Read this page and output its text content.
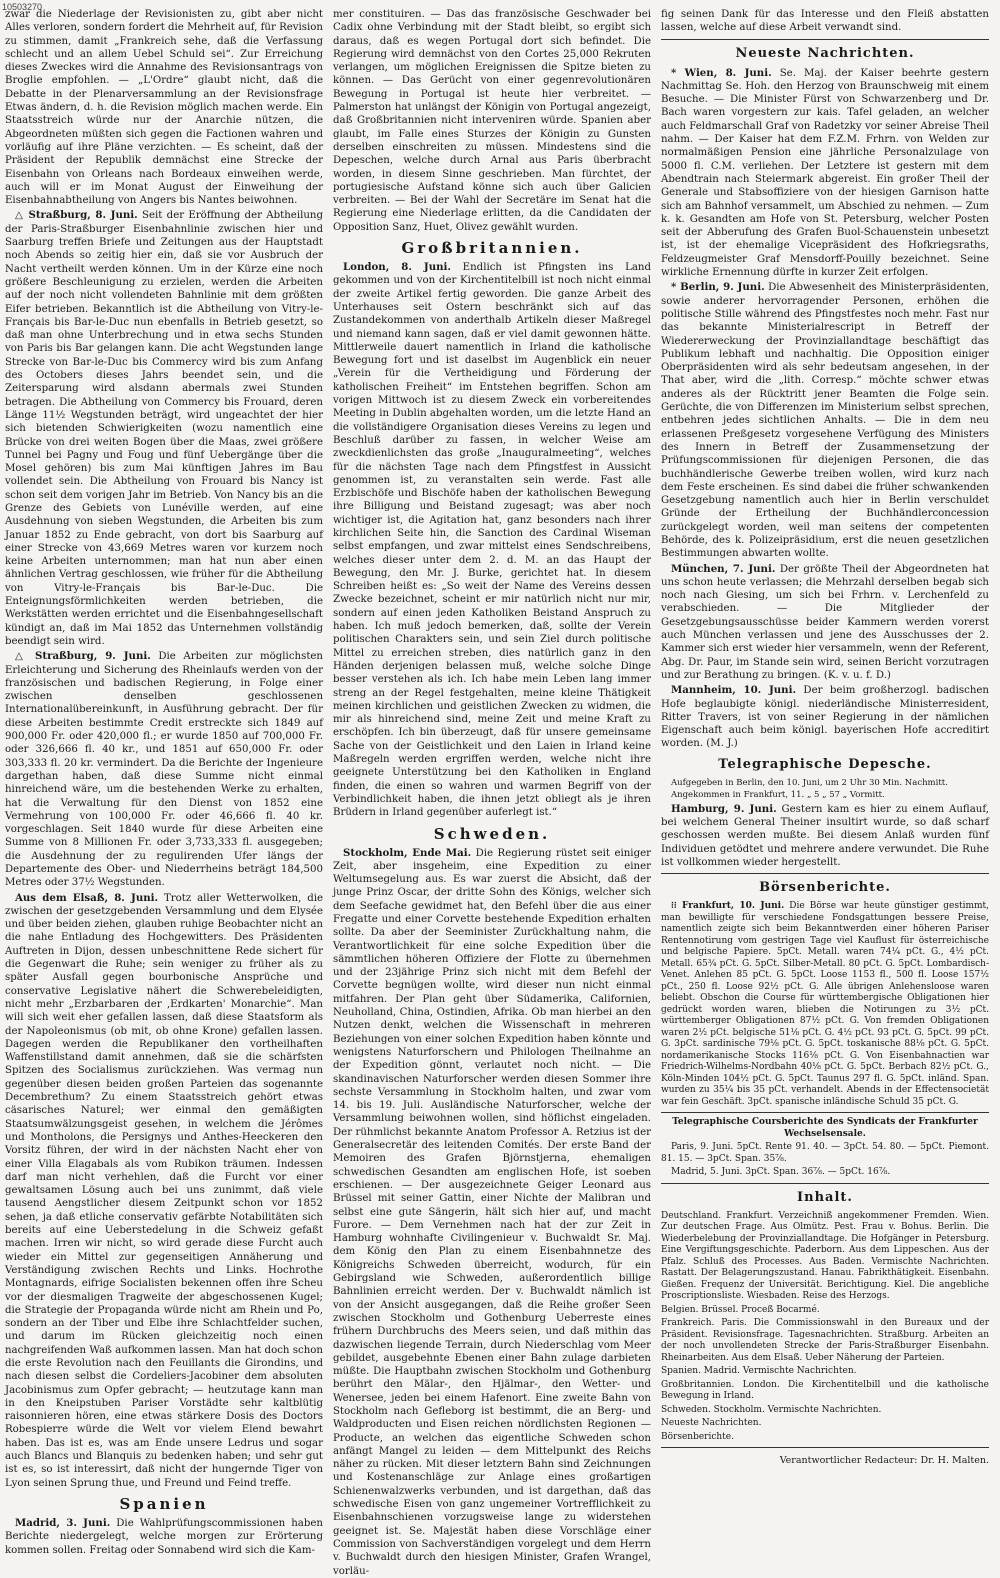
10503270

zwar die Niederlage der Revisionisten zu, gibt aber nicht Alles verloren, sondern fordert die Mehrheit auf, für Revision zu stimmen, damit „Frankreich sehe, daß die Verfassung schlecht und an allem Uebel Schuld sei“. Zur Erreichung dieses Zweckes wird die Annahme des Revisionsantrags von Broglie empfohlen. — „L'Ordre“ glaubt nicht, daß die Debatte in der Plenarversammlung an der Revisionsfrage Etwas ändern, d. h. die Revision möglich machen werde. Ein Staatsstreich würde nur der Anarchie nützen, die Abgeordneten müßten sich gegen die Factionen wahren und vorläufig auf ihre Pläne verzichten. — Es scheint, daß der Präsident der Republik demnächst eine Strecke der Eisenbahn von Orleans nach Bordeaux einweihen werde, auch will er im Monat August der Einweihung der Eisenbahnabtheilung von Angers bis Nantes beiwohnen.

△ Straßburg, 8. Juni. Seit der Eröffnung der Abtheilung der Paris-Straßburger Eisenbahnlinie zwischen hier und Saarburg treffen Briefe und Zeitungen aus der Hauptstadt noch Abends so zeitig hier ein, daß sie vor Ausbruch der Nacht vertheilt werden können. Um in der Kürze eine noch größere Beschleunigung zu erzielen, werden die Arbeiten auf der noch nicht vollendeten Bahnlinie mit dem größten Eifer betrieben. Bekanntlich ist die Abtheilung von Vitry-le-Français bis Bar-le-Duc nun ebenfalls in Betrieb gesetzt, so daß man ohne Unterbrechung und in etwa sechs Stunden von Paris bis Bar gelangen kann. Die acht Wegstunden lange Strecke von Bar-le-Duc bis Commercy wird bis zum Anfang des Octobers dieses Jahrs beendet sein, und die Zeitersparung wird alsdann abermals zwei Stunden betragen. Die Abtheilung von Commercy bis Frouard, deren Länge 11½ Wegstunden beträgt, wird ungeachtet der hier sich bietenden Schwierigkeiten (wozu namentlich eine Brücke von drei weiten Bogen über die Maas, zwei größere Tunnel bei Pagny und Foug und fünf Uebergänge über die Mosel gehören) bis zum Mai künftigen Jahres im Bau vollendet sein. Die Abtheilung von Frouard bis Nancy ist schon seit dem vorigen Jahr im Betrieb. Von Nancy bis an die Grenze des Gebiets von Lunéville werden, auf eine Ausdehnung von sieben Wegstunden, die Arbeiten bis zum Januar 1852 zu Ende gebracht, von dort bis Saarburg auf einer Strecke von 43,669 Metres waren vor kurzem noch keine Arbeiten unternommen; man hat nun aber einen ähnlichen Vertrag geschlossen, wie früher für die Abtheilung von Vitry-le-Français bis Bar-le-Duc. Die Enteignungsförmlichkeiten werden betrieben, die Werkstätten werden errichtet und die Eisenbahngesellschaft kündigt an, daß im Mai 1852 das Unternehmen vollständig beendigt sein wird.

△ Straßburg, 9. Juni. Die Arbeiten zur möglichsten Erleichterung und Sicherung des Rheinlaufs werden von der französischen und badischen Regierung, in Folge einer zwischen denselben geschlossenen Internationalübereinkunft, in Ausführung gebracht. Der für diese Arbeiten bestimmte Credit erstreckte sich 1849 auf 900,000 Fr. oder 420,000 fl.; er wurde 1850 auf 700,000 Fr. oder 326,666 fl. 40 kr., und 1851 auf 650,000 Fr. oder 303,333 fl. 20 kr. vermindert. Da die Berichte der Ingenieure dargethan haben, daß diese Summe nicht einmal hinreichend wäre, um die bestehenden Werke zu erhalten, hat die Verwaltung für den Dienst von 1852 eine Vermehrung von 100,000 Fr. oder 46,666 fl. 40 kr. vorgeschlagen. Seit 1840 wurde für diese Arbeiten eine Summe von 8 Millionen Fr. oder 3,733,333 fl. ausgegeben; die Ausdehnung der zu regulirenden Ufer längs der Departemente des Ober- und Niederrheins beträgt 184,500 Metres oder 37½ Wegstunden.

Aus dem Elsaß, 8. Juni. Trotz aller Wetterwolken, die zwischen der gesetzgebenden Versammlung und dem Elysée und über beiden ziehen, glauben ruhige Beobachter nicht an die nahe Entladung des Hochgewitters. Des Präsidenten Auftreten in Dijon, dessen unbeschnittene Rede sichert für die Gegenwart die Ruhe; sein weniger zu früher als zu später Ausfall gegen bourbonische Ansprüche und conservative Legislative nähert die Schwerebeleidigten, nicht mehr „Erzbarbaren der ‚Erdkarten' Monarchie“. Man will sich weit eher gefallen lassen, daß diese Staatsform als der Napoleonismus (ob mit, ob ohne Krone) gefallen lassen. Dagegen werden die Republikaner den vortheilhaften Waffenstillstand damit annehmen, daß sie die schärfsten Spitzen des Socialismus zurückziehen. Was vermag nun gegenüber diesen beiden großen Parteien das sogenannte Decembrethum? Zu einem Staatsstreich gehört etwas cäsarisches Naturel; wer einmal den gemäßigten Staatsumwälzungsgeist gesehen, in welchem die Jérômes und Montholons, die Persignys und Anthes-Heeckeren den Vorsitz führen, der wird in der nächsten Nacht eher von einer Villa Elagabals als vom Rubikon träumen. Indessen darf man nicht verhehlen, daß die Furcht vor einer gewaltsamen Lösung auch bei uns zunimmt, daß viele tausend Aengstlicher diesem Zeitpunkt schon vor 1852 sehen, ja daß etliche conservativ gefärbte Notabilitäten sich bereits auf eine Ueberstedelung in die Schweiz gefaßt machen. Irren wir nicht, so wird gerade diese Furcht auch wieder ein Mittel zur gegenseitigen Annäherung und Verständigung zwischen Rechts und Links. Hochrothe Montagnards, eifrige Socialisten bekennen offen ihre Scheu vor der diesmaligen Tragweite der abgeschossenen Kugel; die Strategie der Propaganda würde nicht am Rhein und Po, sondern an der Tiber und Elbe ihre Schlachtfelder suchen, und darum im Rücken gleichzeitig noch einen nachgreifenden Waß aufkommen lassen. Man hat doch schon die erste Revolution nach den Feuillants die Girondins, und nach diesen selbst die Cordeliers-Jacobiner dem absoluten Jacobinismus zum Opfer gebracht; — heutzutage kann man in den Kneipstuben Pariser Vorstädte sehr kaltblütig raisonnieren hören, eine etwas stärkere Dosis des Doctors Robespierre würde die Welt vor vielem Elend bewahrt haben. Das ist es, was am Ende unsere Ledrus und sogar auch Blancs und Blanquis zu bedenken haben; und sehr gut ist es, so ist interessirt, daß nicht der hungernde Tiger von Lyon seinen Sprung thue, und Freund und Feind treffe.

Spanien

Madrid, 3. Juni. Die Wahlprüfungscommissionen haben Berichte niedergelegt, welche morgen zur Erörterung kommen sollen. Freitag oder Sonnabend wird sich die Kam-

mer constituiren. — Das das französische Geschwader bei Cadix ohne Verbindung mit der Stadt bleibt, so ergibt sich daraus, daß es wegen Portugal dort sich befindet. Die Regierung wird demnächst von den Cortes 25,000 Rekruten verlangen, um möglichen Ereignissen die Spitze bieten zu können. — Das Gerücht von einer gegenrevolutionären Bewegung in Portugal ist heute hier verbreitet. — Palmerston hat unlängst der Königin von Portugal angezeigt, daß Großbritannien nicht interveniren würde. Spanien aber glaubt, im Falle eines Sturzes der Königin zu Gunsten derselben einschreiten zu müssen. Mindestens sind die Depeschen, welche durch Arnal aus Paris überbracht worden, in diesem Sinne geschrieben. Man fürchtet, der portugiesische Aufstand könne sich auch über Galicien verbreiten. — Bei der Wahl der Secretäre im Senat hat die Regierung eine Niederlage erlitten, da die Candidaten der Opposition Sanz, Huet, Olivez gewählt wurden.

Großbritannien.

London, 8. Juni. Endlich ist Pfingsten ins Land gekommen und von der Kirchentitelbill ist noch nicht einmal der zweite Artikel fertig geworden. Die ganze Arbeit des Unterhauses seit Ostern beschränkt sich auf das Zustandekommen von anderthalb Artikeln dieser Maßregel und niemand kann sagen, daß er viel damit gewonnen hätte. Mittlerweile dauert namentlich in Irland die katholische Bewegung fort und ist daselbst im Augenblick ein neuer „Verein für die Vertheidigung und Förderung der katholischen Freiheit“ im Entstehen begriffen. Schon am vorigen Mittwoch ist zu diesem Zweck ein vorbereitendes Meeting in Dublin abgehalten worden, um die letzte Hand an die vollständigere Organisation dieses Vereins zu legen und Beschluß darüber zu fassen, in welcher Weise am zweckdienlichsten das große „Inauguralmeeting“, welches für die nächsten Tage nach dem Pfingstfest in Aussicht genommen ist, zu veranstalten sein werde. Fast alle Erzbischöfe und Bischöfe haben der katholischen Bewegung ihre Billigung und Beistand zugesagt; was aber noch wichtiger ist, die Agitation hat, ganz besonders nach ihrer kirchlichen Seite hin, die Sanction des Cardinal Wiseman selbst empfangen, und zwar mittelst eines Sendschreibens, welches dieser unter dem 2. d. M. an das Haupt der Bewegung, den Mr. J. Burke, gerichtet hat. In diesem Schreiben heißt es: „So weit der Name des Vereins dessen Zwecke bezeichnet, scheint er mir natürlich nicht nur mir, sondern auf einen jeden Katholiken Beistand Anspruch zu haben. Ich muß jedoch bemerken, daß, sollte der Verein politischen Charakters sein, und sein Ziel durch politische Mittel zu erreichen streben, dies natürlich ganz in den Händen derjenigen belassen muß, welche solche Dinge besser verstehen als ich. Ich habe mein Leben lang immer streng an der Regel festgehalten, meine kleine Thätigkeit meinen kirchlichen und geistlichen Zwecken zu widmen, die mir als hinreichend sind, meine Zeit und meine Kraft zu erschöpfen. Ich bin überzeugt, daß für unsere gemeinsame Sache von der Geistlichkeit und den Laien in Irland keine Maßregeln werden ergriffen werden, welche nicht ihre geeignete Unterstützung bei den Katholiken in England finden, die einen so wahren und warmen Begriff von der Verbindlichkeit haben, die ihnen jetzt obliegt als je ihren Brüdern in Irland gegenüber auferlegt ist.“

Schweden.

Stockholm, Ende Mai. Die Regierung rüstet seit einiger Zeit, aber insgeheim, eine Expedition zu einer Weltumsegelung aus. Es war zuerst die Absicht, daß der junge Prinz Oscar, der dritte Sohn des Königs, welcher sich dem Seefache gewidmet hat, den Befehl über die aus einer Fregatte und einer Corvette bestehende Expedition erhalten sollte. Da aber der Seeminister Zurückhaltung nahm, die Verantwortlichkeit für eine solche Expedition über die sämmtlichen höheren Offiziere der Flotte zu übernehmen und der 23jährige Prinz sich nicht mit dem Befehl der Corvette begnügen wollte, wird dieser nun nicht einmal mitfahren. Der Plan geht über Südamerika, Californien, Neuholland, China, Ostindien, Afrika. Ob man hierbei an den Nutzen denkt, welchen die Wissenschaft in mehreren Beziehungen von einer solchen Expedition haben könnte und wenigstens Naturforschern und Philologen Theilnahme an der Expedition gönnt, verlautet noch nicht. — Die skandinavischen Naturforscher werden diesen Sommer ihre sechste Versammlung in Stockholm halten, und zwar vom 14. bis 19. Juli. Ausländische Naturforscher, welche der Versammlung beiwohnen wollen, sind höflichst eingeladen. Der rühmlichst bekannte Anatom Professor A. Retzius ist der Generalsecretär des leitenden Comités. Der erste Band der Memoiren des Grafen Björnstjerna, ehemaligen schwedischen Gesandten am englischen Hofe, ist soeben erschienen. — Der ausgezeichnete Geiger Leonard aus Brüssel mit seiner Gattin, einer Nichte der Malibran und selbst eine gute Sängerin, hält sich hier auf, und macht Furore. — Dem Vernehmen nach hat der zur Zeit in Hamburg wohnhafte Civilingenieur v. Buchwaldt Sr. Maj. dem König den Plan zu einem Eisenbahnnetze des Königreichs Schweden überreicht, wodurch, für ein Gebirgsland wie Schweden, außerordentlich billige Bahnlinien erreicht werden. Der v. Buchwaldt nämlich ist von der Ansicht ausgegangen, daß die Reihe großer Seen zwischen Stockholm und Gothenburg Ueberreste eines frühern Durchbruchs des Meers seien, und daß mithin das dazwischen liegende Terrain, durch Niederschlag vom Meer gebildet, ausgebehnte Ebenen einer Bahn zulage darbieten müßte. Die Hauptbahn zwischen Stockholm und Gothenburg berührt den Mälar-, den Hjälmar-, den Wetter- und Wenersee, jeden bei einem Hafenort. Eine zweite Bahn von Stockholm nach Gefleborg ist bestimmt, die an Berg- und Waldproducten und Eisen reichen nördlichsten Regionen — Producte, an welchen das eigentliche Schweden schon anfängt Mangel zu leiden — dem Mittelpunkt des Reichs näher zu rücken. Mit dieser letztern Bahn sind Zeichnungen und Kostenanschläge zur Anlage eines großartigen Schienenwalzwerks verbunden, und ist dargethan, daß das schwedische Eisen von ganz ungemeiner Vortrefflichkeit zu Eisenbahnschienen vorzugsweise lange zu widerstehen geeignet ist. Se. Majestät haben diese Vorschläge einer Commission von Sachverständigen vorgelegt und dem Herrn v. Buchwaldt durch den hiesigen Minister, Grafen Wrangel, vorläu-

fig seinen Dank für das Interesse und den Fleiß abstatten lassen, welche auf diese Arbeit verwandt sind.

Neueste Nachrichten.

* Wien, 8. Juni. Se. Maj. der Kaiser beehrte gestern Nachmittag Se. Hoh. den Herzog von Braunschweig mit einem Besuche. — Die Minister Fürst von Schwarzenberg und Dr. Bach waren vorgestern zur kais. Tafel geladen, an welcher auch Feldmarschall Graf von Radetzky vor seiner Abreise Theil nahm. — Der Kaiser hat dem F.Z.M. Frhrn. von Welden zur normalmäßigen Pension eine jährliche Personalzulage von 5000 fl. C.M. verliehen. Der Letztere ist gestern mit dem Abendtrain nach Steiermark abgereist. Ein großer Theil der Generale und Stabsoffiziere von der hiesigen Garnison hatte sich am Bahnhof versammelt, um Abschied zu nehmen. — Zum k. k. Gesandten am Hofe von St. Petersburg, welcher Posten seit der Abberufung des Grafen Buol-Schauenstein unbesetzt ist, ist der ehemalige Vicepräsident des Hofkriegsraths, Feldzeugmeister Graf Mensdorff-Pouilly bezeichnet. Seine wirkliche Ernennung dürfte in kurzer Zeit erfolgen.

* Berlin, 9. Juni. Die Abwesenheit des Ministerpräsidenten, sowie anderer hervorragender Personen, erhöhen die politische Stille während des Pfingstfestes noch mehr. Fast nur das bekannte Ministerialrescript in Betreff der Wiedererweckung der Provinziallandtage beschäftigt das Publikum lebhaft und nachhaltig. Die Opposition einiger Oberpräsidenten wird als sehr bedeutsam angesehen, in der That aber, wird die „lith. Corresp.“ möchte schwer etwas anderes als der Rücktritt jener Beamten die Folge sein. Gerüchte, die von Differenzen im Ministerium selbst sprechen, entbehren jedes sichtlichen Anhalts. — Die in dem neu erlassenen Preßgesetz vorgesehene Verfügung des Ministers des Innern in Betreff der Zusammensetzung der Prüfungscommissionen für diejenigen Personen, die das buchhändlerische Gewerbe treiben wollen, wird kurz nach dem Feste erscheinen. Es sind dabei die früher schwankenden Gesetzgebung namentlich auch hier in Berlin verschuldet Gründe der Ertheilung der Buchhändlerconcession zurückgelegt worden, weil man seitens der competenten Behörde, des k. Polizeipräsidium, erst die neuen gesetzlichen Bestimmungen abwarten wollte.

München, 7. Juni. Der größte Theil der Abgeordneten hat uns schon heute verlassen; die Mehrzahl derselben begab sich noch nach Giesing, um sich bei Frhrn. v. Lerchenfeld zu verabschieden. — Die Mitglieder der Gesetzgebungsausschüsse beider Kammern werden vorerst auch München verlassen und jene des Ausschusses der 2. Kammer sich erst wieder hier versammeln, wenn der Referent, Abg. Dr. Paur, im Stande sein wird, seinen Bericht vorzutragen und zur Berathung zu bringen. (K. v. u. f. D.)

Mannheim, 10. Juni. Der beim großherzogl. badischen Hofe beglaubigte königl. niederländische Ministerresident, Ritter Travers, ist von seiner Regierung in der nämlichen Eigenschaft auch beim königl. bayerischen Hofe accreditirt worden. (M. J.)

Telegraphische Depesche.

Aufgegeben in Berlin, den 10. Juni, um 2 Uhr 30 Min. Nachmitt.

Angekommen in Frankfurt, 11. „ 5 „ 57 „ Vormitt.

Hamburg, 9. Juni. Gestern kam es hier zu einem Auflauf, bei welchem General Theiner insultirt wurde, so daß scharf geschossen werden mußte. Bei diesem Anlaß wurden fünf Individuen getödtet und mehrere andere verwundet. Die Ruhe ist vollkommen wieder hergestellt.

Börsenberichte.

⁝⁝ Frankfurt, 10. Juni. Die Börse war heute günstiger gestimmt, man bewilligte für verschiedene Fondsgattungen bessere Preise, namentlich zeigte sich beim Bekanntwerden einer höheren Pariser Rentennotirung vom gestrigen Tage viel Kauflust für österreichische und belgische Papiere. 5pCt. Metall. waren 74¼ pCt. G., 4½ pCt. Metall. 65¾ pCt. G. 5pCt. Silber-Metall. 80 pCt. G. 5pCt. Lombardisch-Venet. Anlehen 85 pCt. G. 5pCt. Loose 1153 fl., 500 fl. Loose 157½ pCt., 250 fl. Loose 92½ pCt. G. Alle übrigen Anlehensloose waren beliebt. Obschon die Course für württembergische Obligationen hier gedrückt worden waren, blieben die Notirungen zu 3½ pCt. württemberger Obligationen 87½ pCt. G. Von fremden Obligationen waren 2½ pCt. belgische 51⅛ pCt. G. 4½ pCt. 93 pCt. G. 5pCt. 99 pCt. G. 3pCt. sardinische 79⅛ pCt. G. 5pCt. toskanische 88⅛ pCt. G. 5pCt. nordamerikanische Stocks 116⅛ pCt. G. Von Eisenbahnactien war Friedrich-Wilhelms-Nordbahn 40⅛ pCt. G. 5pCt. Berbach 82½ pCt. G., Köln-Minden 104½ pCt. G. 5pCt. Taunus 297 fl. G. 5pCt. inländ. Span. wurden zu 35¼ bis 35 pCt. verhandelt. Abends in der Effectensocietät war fein Geschäft. 3pCt. spanische inländische Schuld 35 pCt. G.

Telegraphische Coursberichte des Syndicats der Frankfurter Wechselsensale.

Paris, 9. Juni. 5pCt. Rente 91. 40. — 3pCt. 54. 80. — 5pCt. Piemont. 81. 15. — 3pCt. Span. 35⅞.

Madrid, 5. Juni. 3pCt. Span. 36⅞. — 5pCt. 16⅞.

Inhalt.

Deutschland. Frankfurt. Verzeichniß angekommener Fremden. Wien. Zur deutschen Frage. Aus Olmütz. Pest. Frau v. Bohus. Berlin. Die Wiederbelebung der Provinziallandtage. Die Hofgänger in Petersburg. Eine Vergiftungsgeschichte. Paderborn. Aus dem Lippeschen. Aus der Pfalz. Schluß des Processes. Aus Baden. Vermischte Nachrichten. Rastatt. Der Belagerungszustand. Hanau. Fabrikthätigkeit. Eisenbahn. Gießen. Frequenz der Universität. Berichtigung. Kiel. Die angebliche Proscriptionsliste. Wiesbaden. Reise des Herzogs.

Belgien. Brüssel. Proceß Bocarmé.

Frankreich. Paris. Die Commissionswahl in den Bureaux und der Präsident. Revisionsfrage. Tagesnachrichten. Straßburg. Arbeiten an der noch unvollendeten Strecke der Paris-Straßburger Eisenbahn. Rheinarbeiten. Aus dem Elsaß. Ueber Näherung der Parteien.

Spanien. Madrid. Vermischte Nachrichten.

Großbritannien. London. Die Kirchentitelbill und die katholische Bewegung in Irland.

Schweden. Stockholm. Vermischte Nachrichten.

Neueste Nachrichten.

Börsenberichte.

Verantwortlicher Redacteur: Dr. H. Malten.
